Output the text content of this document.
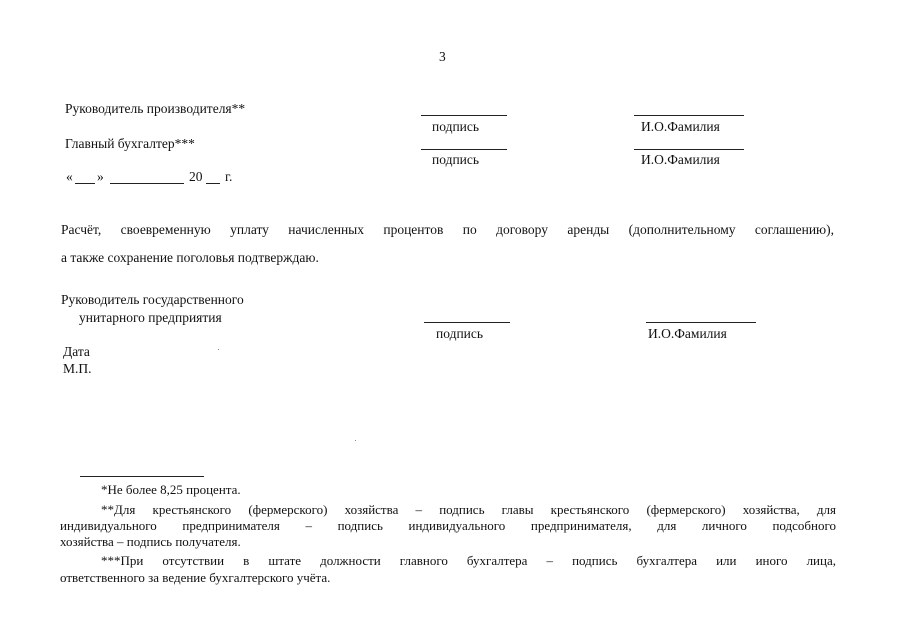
3
Руководитель производителя**
подпись	И.О.Фамилия
Главный бухгалтер***
подпись	И.О.Фамилия
« »	20 г.
Расчёт, своевременную уплату начисленных процентов по договору аренды (дополнительному соглашению),
а также сохранение поголовья подтверждаю.
Руководитель государственного
унитарного предприятия
подпись	И.О.Фамилия
Дата
М.П.
*Не более 8,25 процента.
**Для крестьянского (фермерского) хозяйства – подпись главы крестьянского (фермерского) хозяйства, для
индивидуального предпринимателя – подпись индивидуального предпринимателя, для личного подсобного
хозяйства – подпись получателя.
***При отсутствии в штате должности главного бухгалтера – подпись бухгалтера или иного лица,
ответственного за ведение бухгалтерского учёта.
